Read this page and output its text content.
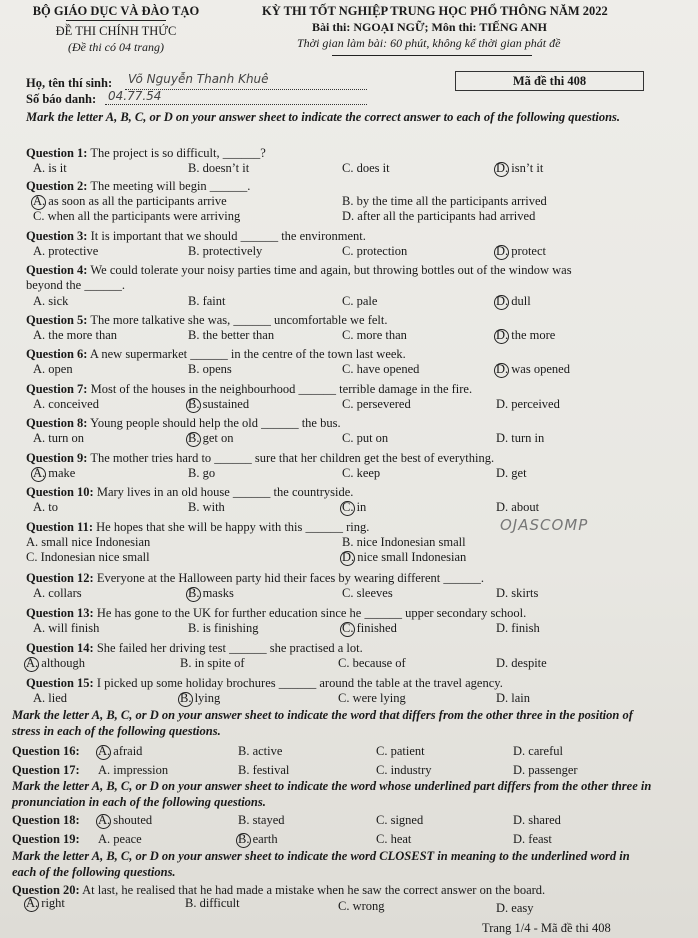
BỘ GIÁO DỤC VÀ ĐÀO TẠO
ĐỀ THI CHÍNH THỨC
(Đề thi có 04 trang)
KỲ THI TỐT NGHIỆP TRUNG HỌC PHỔ THÔNG NĂM 2022
Bài thi: NGOẠI NGỮ; Môn thi: TIẾNG ANH
Thời gian làm bài: 60 phút, không kể thời gian phát đề
Họ, tên thí sinh: Võ Nguyễn Thanh Khuê
Số báo danh: 04.77.54
Mã đề thi 408
Mark the letter A, B, C, or D on your answer sheet to indicate the correct answer to each of the following questions.
Question 1: The project is so difficult, ______?
A. is it	B. doesn’t it	C. does it	D. isn’t it
Question 2: The meeting will begin ______.
A. as soon as all the participants arrive	B. by the time all the participants arrived
C. when all the participants were arriving	D. after all the participants had arrived
Question 3: It is important that we should ______ the environment.
A. protective	B. protectively	C. protection	D. protect
Question 4: We could tolerate your noisy parties time and again, but throwing bottles out of the window was
beyond the ______.
A. sick	B. faint	C. pale	D. dull
Question 5: The more talkative she was, ______ uncomfortable we felt.
A. the more than	B. the better than	C. more than	D. the more
Question 6: A new supermarket ______ in the centre of the town last week.
A. open	B. opens	C. have opened	D. was opened
Question 7: Most of the houses in the neighbourhood ______ terrible damage in the fire.
A. conceived	B. sustained	C. persevered	D. perceived
Question 8: Young people should help the old ______ the bus.
A. turn on	B. get on	C. put on	D. turn in
Question 9: The mother tries hard to ______ sure that her children get the best of everything.
A. make	B. go	C. keep	D. get
Question 10: Mary lives in an old house ______ the countryside.
A. to	B. with	C. in	D. about
Question 11: He hopes that she will be happy with this ______ ring.	OJASCOMP
A. small nice Indonesian	B. nice Indonesian small
C. Indonesian nice small	D. nice small Indonesian
Question 12: Everyone at the Halloween party hid their faces by wearing different ______.
A. collars	B. masks	C. sleeves	D. skirts
Question 13: He has gone to the UK for further education since he ______ upper secondary school.
A. will finish	B. is finishing	C. finished	D. finish
Question 14: She failed her driving test ______ she practised a lot.
A. although	B. in spite of	C. because of	D. despite
Question 15: I picked up some holiday brochures ______ around the table at the travel agency.
A. lied	B. lying	C. were lying	D. lain
Mark the letter A, B, C, or D on your answer sheet to indicate the word that differs from the other three in the position of stress in each of the following questions.
Question 16: A. afraid	B. active	C. patient	D. careful
Question 17: A. impression	B. festival	C. industry	D. passenger
Mark the letter A, B, C, or D on your answer sheet to indicate the word whose underlined part differs from the other three in pronunciation in each of the following questions.
Question 18: A. shouted	B. stayed	C. signed	D. shared
Question 19: A. peace	B. earth	C. heat	D. feast
Mark the letter A, B, C, or D on your answer sheet to indicate the word CLOSEST in meaning to the underlined word in each of the following questions.
Question 20: At last, he realised that he had made a mistake when he saw the correct answer on the board.
A. right	B. difficult	C. wrong	D. easy
Trang 1/4 - Mã đề thi 408
